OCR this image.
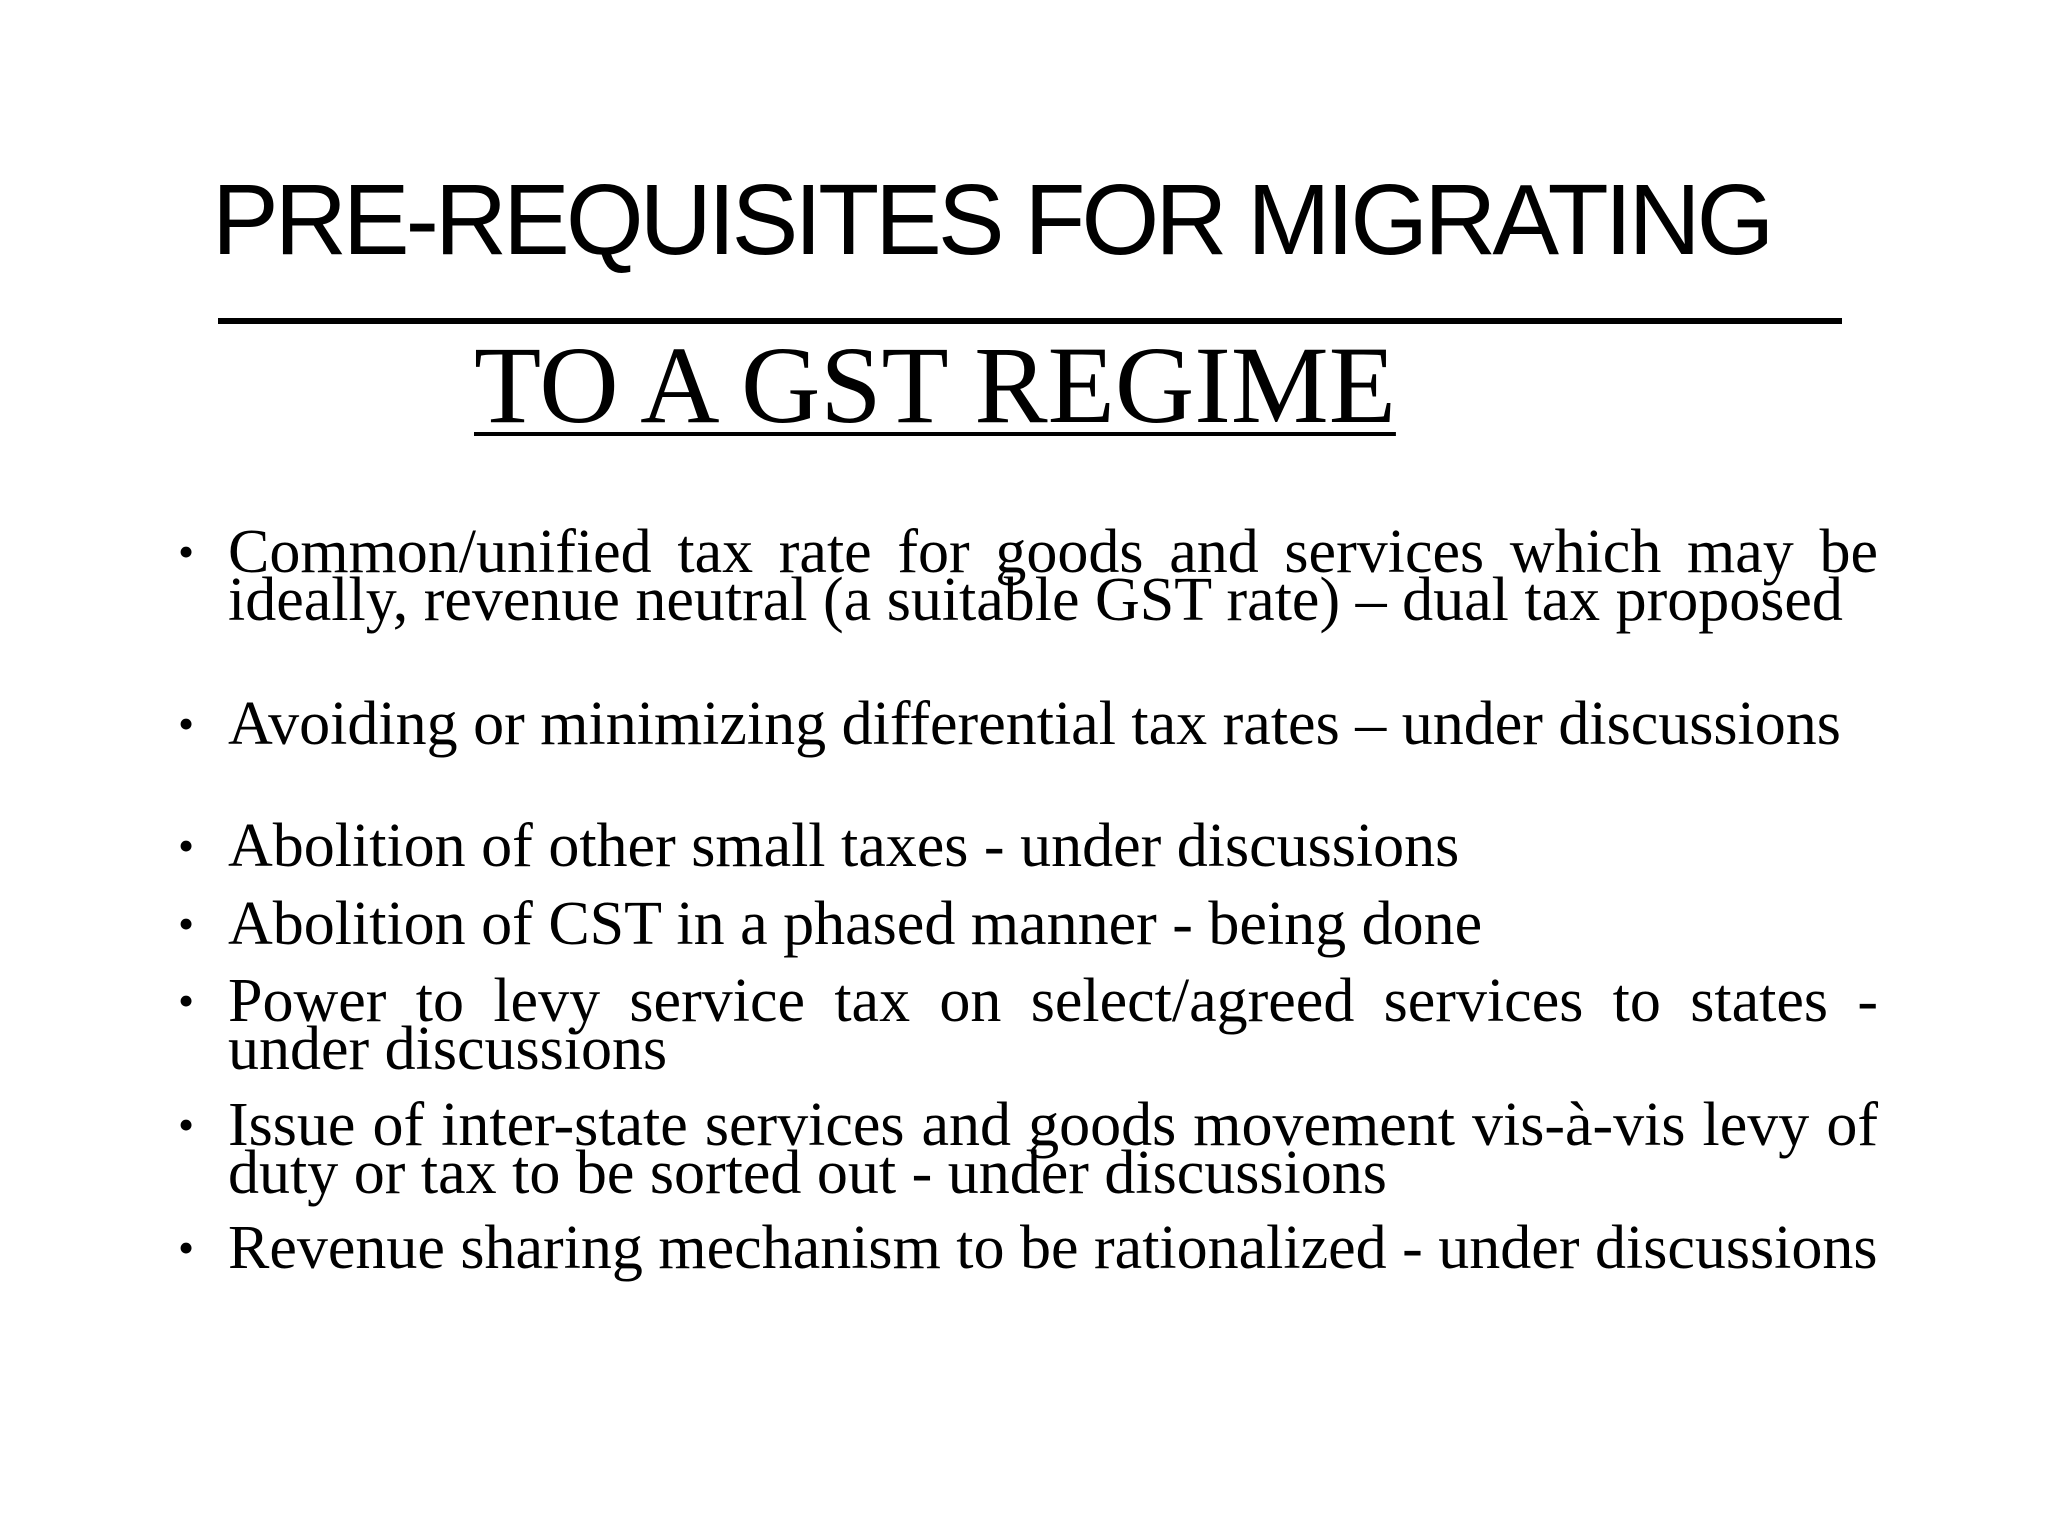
PRE-REQUISITES FOR MIGRATING
TO A GST REGIME
• Common/unified tax rate for goods and services which may be ideally, revenue neutral (a suitable GST rate) – dual tax proposed
• Avoiding or minimizing differential tax rates – under discussions
• Abolition of other small taxes - under discussions
• Abolition of CST in a phased manner - being done
• Power to levy service tax on select/agreed services to states - under discussions
• Issue of inter-state services and goods movement vis-à-vis levy of duty or tax to be sorted out - under discussions
• Revenue sharing mechanism to be rationalized - under discussions
